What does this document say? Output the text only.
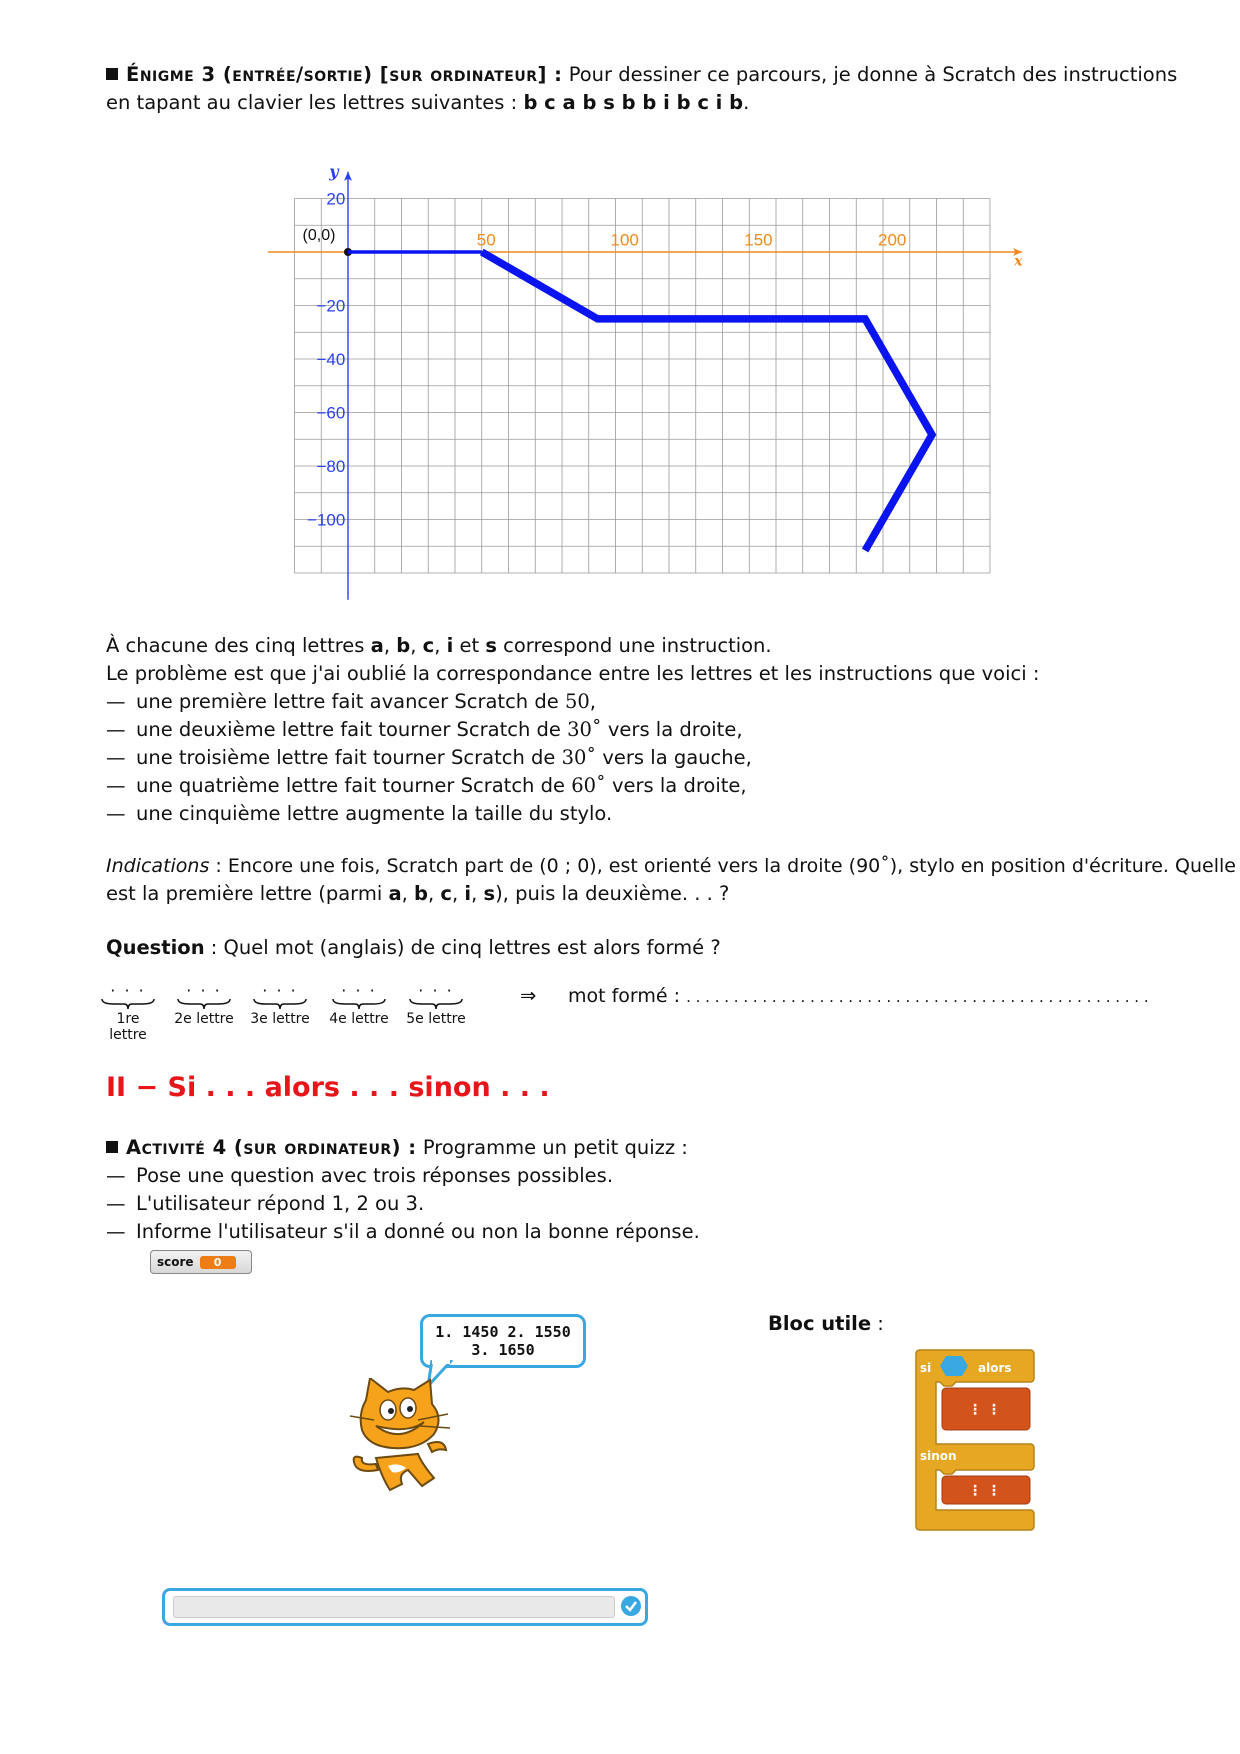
Énigme 3 (entrée/sortie) [sur ordinateur] : Pour dessiner ce parcours, je donne à Scratch des instructions
en tapant au clavier les lettres suivantes : b c a b s b b i b c i b.
x
y
50	100	150	200
20
−20
−40
−60
−80
−100
(0,0)
À chacune des cinq lettres a, b, c, i et s correspond une instruction.
Le problème est que j'ai oublié la correspondance entre les lettres et les instructions que voici :
— une première lettre fait avancer Scratch de 50,
— une deuxième lettre fait tourner Scratch de 30˚ vers la droite,
— une troisième lettre fait tourner Scratch de 30˚ vers la gauche,
— une quatrième lettre fait tourner Scratch de 60˚ vers la droite,
— une cinquième lettre augmente la taille du stylo.
Indications : Encore une fois, Scratch part de (0 ; 0), est orienté vers la droite (90˚), stylo en position d'écriture. Quelle
est la première lettre (parmi a, b, c, i, s), puis la deuxième. . . ?
Question : Quel mot (anglais) de cinq lettres est alors formé ?
· · ·
1re lettre
· · ·
2e lettre
· · ·
3e lettre
· · ·
4e lettre
· · ·
5e lettre
⇒ mot formé : . . . . . . . . . . . . . . . . . . . . . . . . . . . . . . . . . . . . . . . . . . . . . . . . .
II − Si . . . alors . . . sinon . . .
Activité 4 (sur ordinateur) : Programme un petit quizz :
— Pose une question avec trois réponses possibles.
— L'utilisateur répond 1, 2 ou 3.
— Informe l'utilisateur s'il a donné ou non la bonne réponse.
score	0
1. 1450 2. 1550
3. 1650
Bloc utile :
si	alors
sinon
⋮ ⋮
⋮ ⋮
